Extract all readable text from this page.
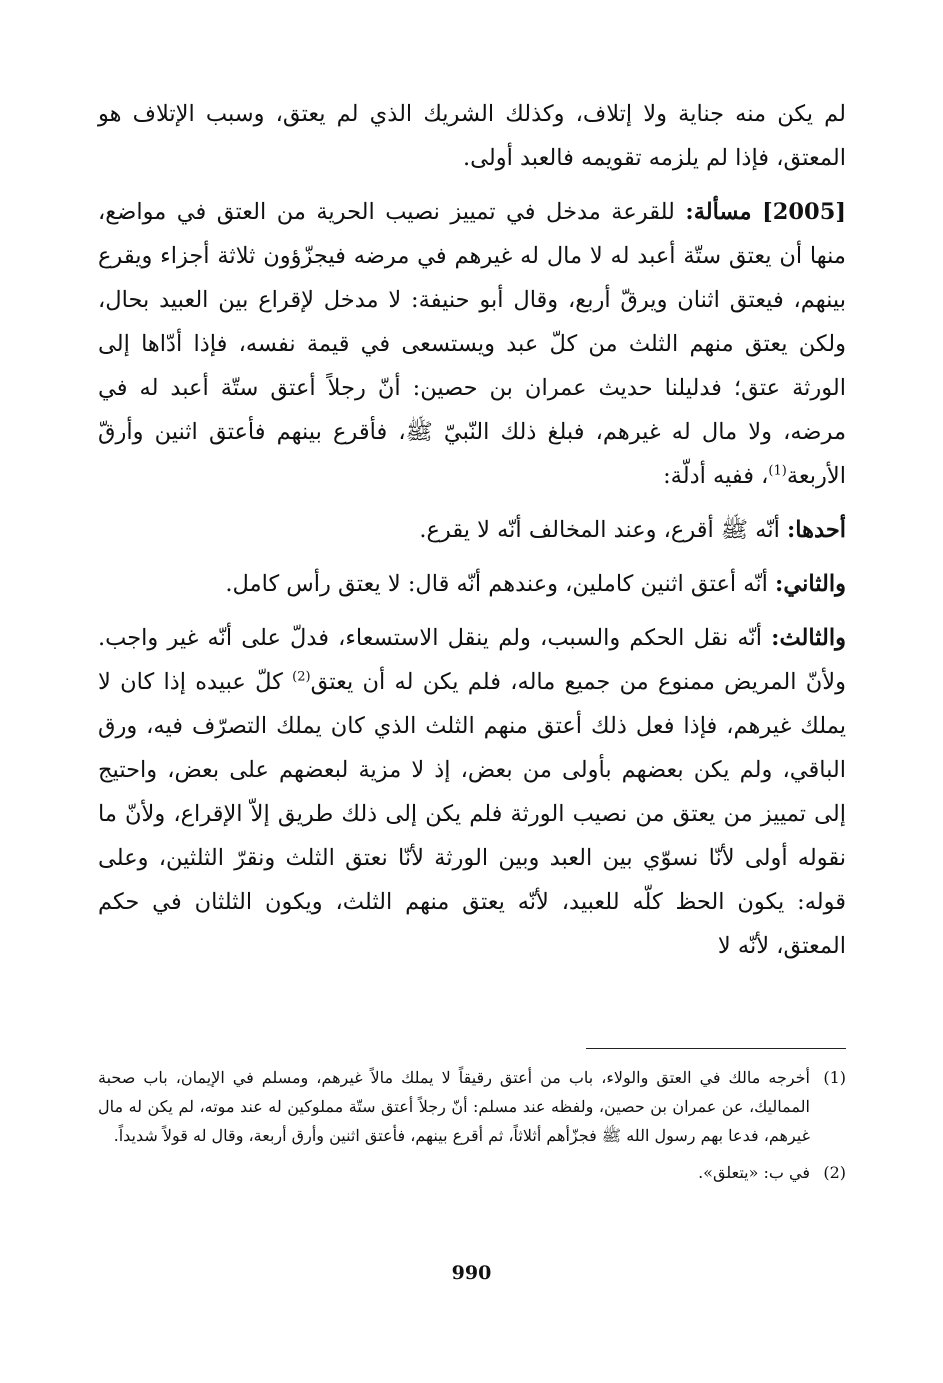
لم يكن منه جناية ولا إتلاف، وكذلك الشريك الذي لم يعتق، وسبب الإتلاف هو المعتق، فإذا لم يلزمه تقويمه فالعبد أولى.

[2005] مسألة: للقرعة مدخل في تمييز نصيب الحرية من العتق في مواضع، منها أن يعتق ستّة أعبد له لا مال له غيرهم في مرضه فيجزّؤون ثلاثة أجزاء ويقرع بينهم، فيعتق اثنان ويرقّ أربع، وقال أبو حنيفة: لا مدخل لإقراع بين العبيد بحال، ولكن يعتق منهم الثلث من كلّ عبد ويستسعى في قيمة نفسه، فإذا أدّاها إلى الورثة عتق؛ فدليلنا حديث عمران بن حصين: أنّ رجلاً أعتق ستّة أعبد له في مرضه، ولا مال له غيرهم، فبلغ ذلك النّبيّ ﷺ، فأقرع بينهم فأعتق اثنين وأرقّ الأربعة$^{(1)}$، ففيه أدلّة:

أحدها: أنّه ﷺ أقرع، وعند المخالف أنّه لا يقرع.

والثاني: أنّه أعتق اثنين كاملين، وعندهم أنّه قال: لا يعتق رأس كامل.

والثالث: أنّه نقل الحكم والسبب، ولم ينقل الاستسعاء، فدلّ على أنّه غير واجب. ولأنّ المريض ممنوع من جميع ماله، فلم يكن له أن يعتق$^{(2)}$ كلّ عبيده إذا كان لا يملك غيرهم، فإذا فعل ذلك أعتق منهم الثلث الذي كان يملك التصرّف فيه، ورق الباقي، ولم يكن بعضهم بأولى من بعض، إذ لا مزية لبعضهم على بعض، واحتيج إلى تمييز من يعتق من نصيب الورثة فلم يكن إلى ذلك طريق إلاّ الإقراع، ولأنّ ما نقوله أولى لأنّا نسوّي بين العبد وبين الورثة لأنّا نعتق الثلث ونقرّ الثلثين، وعلى قوله: يكون الحظ كلّه للعبيد، لأنّه يعتق منهم الثلث، ويكون الثلثان في حكم المعتق، لأنّه لا

(1)
أخرجه مالك في العتق والولاء، باب من أعتق رقيقاً لا يملك مالاً غيرهم، ومسلم في الإيمان، باب صحبة المماليك، عن عمران بن حصين، ولفظه عند مسلم: أنّ رجلاً أعتق ستّة مملوكين له عند موته، لم يكن له مال غيرهم، فدعا بهم رسول الله ﷺ فجزّأهم أثلاثاً، ثم أقرع بينهم، فأعتق اثنين وأرق أربعة، وقال له قولاً شديداً.
(2)
في ب: «يتعلق».
990
